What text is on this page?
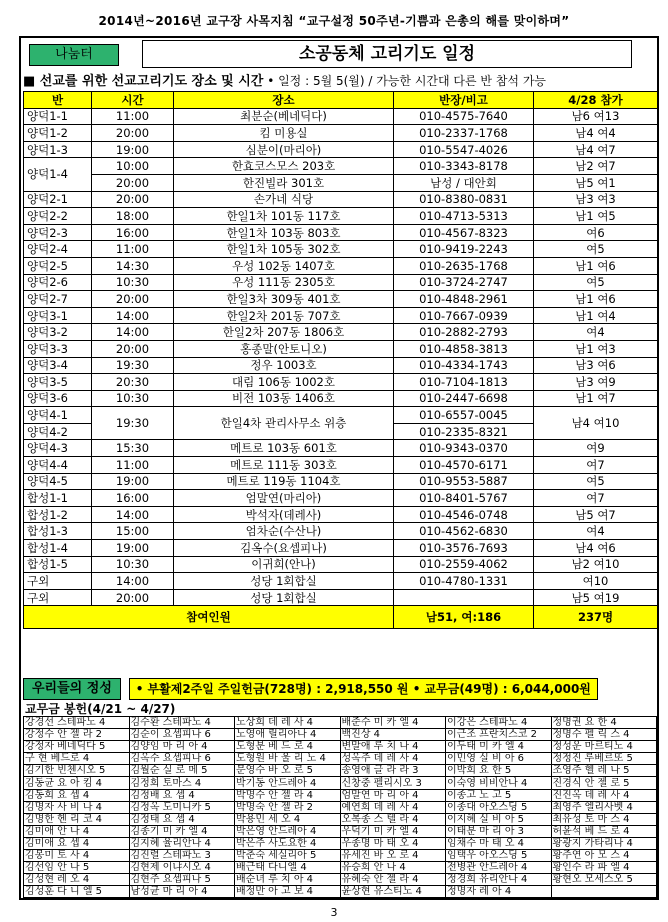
2014년~2016년 교구장 사목지침 “교구설정 50주년-기쁨과 은총의 해를 맞이하며”
나눔터	소공동체 고리기도 일정
■ 선교를 위한 선교고리기도 장소 및 시간 • 일정 : 5월 5(월) / 가능한 시간대 다른 반 참석 가능
반	시간	장소	반장/비고	4/28 참가
양덕1-1	11:00	최분순(베네딕다)	010-4575-7640	남6 여13
양덕1-2	20:00	킴 미용실	010-2337-1768	남4 여4
양덕1-3	19:00	심분이(마리아)	010-5547-4026	남4 여7
양덕1-4	10:00	한효코스모스 203호	010-3343-8178	남2 여7
	20:00	한진빌라 301호	남성 / 대안회	남5 여1
양덕2-1	20:00	손가네 식당	010-8380-0831	남3 여3
양덕2-2	18:00	한일1차 101동 117호	010-4713-5313	남1 여5
양덕2-3	16:00	한일1차 103동 803호	010-4567-8323	여6
양덕2-4	11:00	한일1차 105동 302호	010-9419-2243	여5
양덕2-5	14:30	우성 102동 1407호	010-2635-1768	남1 여6
양덕2-6	10:30	우성 111동 2305호	010-3724-2747	여5
양덕2-7	20:00	한일3차 309동 401호	010-4848-2961	남1 여6
양덕3-1	14:00	한일2차 201동 707호	010-7667-0939	남1 여4
양덕3-2	14:00	한일2차 207동 1806호	010-2882-2793	여4
양덕3-3	20:00	홍종말(안토니오)	010-4858-3813	남1 여3
양덕3-4	19:30	정우 1003호	010-4334-1743	남3 여6
양덕3-5	20:30	대림 106동 1002호	010-7104-1813	남3 여9
양덕3-6	10:30	비전 103동 1406호	010-2447-6698	남1 여7
양덕4-1	19:30	한일4차 관리사무소 위층	010-6557-0045	남4 여10
양덕4-2			010-2335-8321	
양덕4-3	15:30	메트로 103동 601호	010-9343-0370	여9
양덕4-4	11:00	메트로 111동 303호	010-4570-6171	여7
양덕4-5	19:00	메트로 119동 1104호	010-9553-5887	여5
합성1-1	16:00	엄말연(마리아)	010-8401-5767	여7
합성1-2	14:00	박석자(데레사)	010-4546-0748	남5 여7
합성1-3	15:00	엄차순(수산나)	010-4562-6830	여4
합성1-4	19:00	김옥수(요셉피나)	010-3576-7693	남4 여6
합성1-5	10:30	이귀희(안나)	010-2559-4062	남2 여10
구외	14:00	성당 1회합실	010-4780-1331	여10
구외	20:00	성당 1회합실		남5 여19
참여인원			남51, 여:186	237명
우리들의 정성 • 부활제2주일 주일헌금(728명) : 2,918,550 원 • 교무금(49명) : 6,044,000원
교무금 봉헌(4/21 ~ 4/27)
강경선 스테파노 4	김수환 스테파노 4	노상희 데 레 사 4	배준수 미 카 엘 4	이강은 스테파노 4	정명권 요 한 4
강정수 안 젤 라 2	김순이 요셉피나 6	노영애 릴리아나 4	백진상 4	이근조 프란치스코 2	정명수 펠 릭 스 4
강정자 베네딕다 5	김양임 마 리 아 4	도형분 베 드 로 4	변말애 루 치 나 4	이두태 미 카 엘 4	정성운 마르티노 4
구 현 베드로 4	김옥수 요셉피나 6	도형원 바 울 리 노 4	성옥주 데 레 사 4	이민영 실 비 아 6	정정진 루베르또 5
김기한 빈첸시오 5	김월순 실 로 메 5	문영수 바 오 로 5	송영애 글 라 라 3	이박희 요 한 5	조영주 헬 레 나 5
김동균 요 아 킴 4	김정희 토마스 4	박기동 안드레아 4	신창중 펠리시오 3	이숙영 비비안나 4	진경식 안 젤 로 5
김동희 요 셉 4	김정배 요 셉 4	박명수 안 젤 라 4	엄말연 마 리 아 4	이종고 노 고 5	진진옥 데 레 사 4
김명자 사 비 나 4	김정옥 도미니카 5	박명숙 안 젤 라 2	예연희 데 레 사 4	이종대 아오스딩 5	최영주 엘리사벳 4
김명한 헨 리 코 4	김정태 요 셉 4	박용민 세 오 4	오복종 스 텔 라 4	이지혜 실 비 아 5	최유성 토 마 스 4
김미애 안 나 4	김종기 미 카 엘 4	박은영 안드레아 4	우덕기 미 카 엘 4	이태분 마 리 아 3	허윤석 베 드 로 4
김미애 요 셉 4	김지혜 율리안나 4	박은주 사도요한 4	우종명 마 태 오 4	임채수 마 태 오 4	황광지 가타리나 4
김봉미 토 사 4	김진렬 스테파노 3	박춘숙 세실리아 5	유세진 바 오 로 4	임택우 아오스딩 5	황주연 아 모 스 4
김선임 안 나 5	김현제 이냐시오 4	배근태 다니엘 4	유승희 안 나 4	전병관 안드레아 4	황인수 라 파 엘 4
김성현 레 오 4	김현주 요셉피나 5	배순녀 루 치 아 4	유혜숙 안 젤 라 4	정경희 유리안나 4	황현오 모세스오 5
김성훈 다 니 엘 5	남성균 마 리 아 4	배정만 아 고 보 4	윤상현 유스티노 4	정명자 레 아 4	
3
